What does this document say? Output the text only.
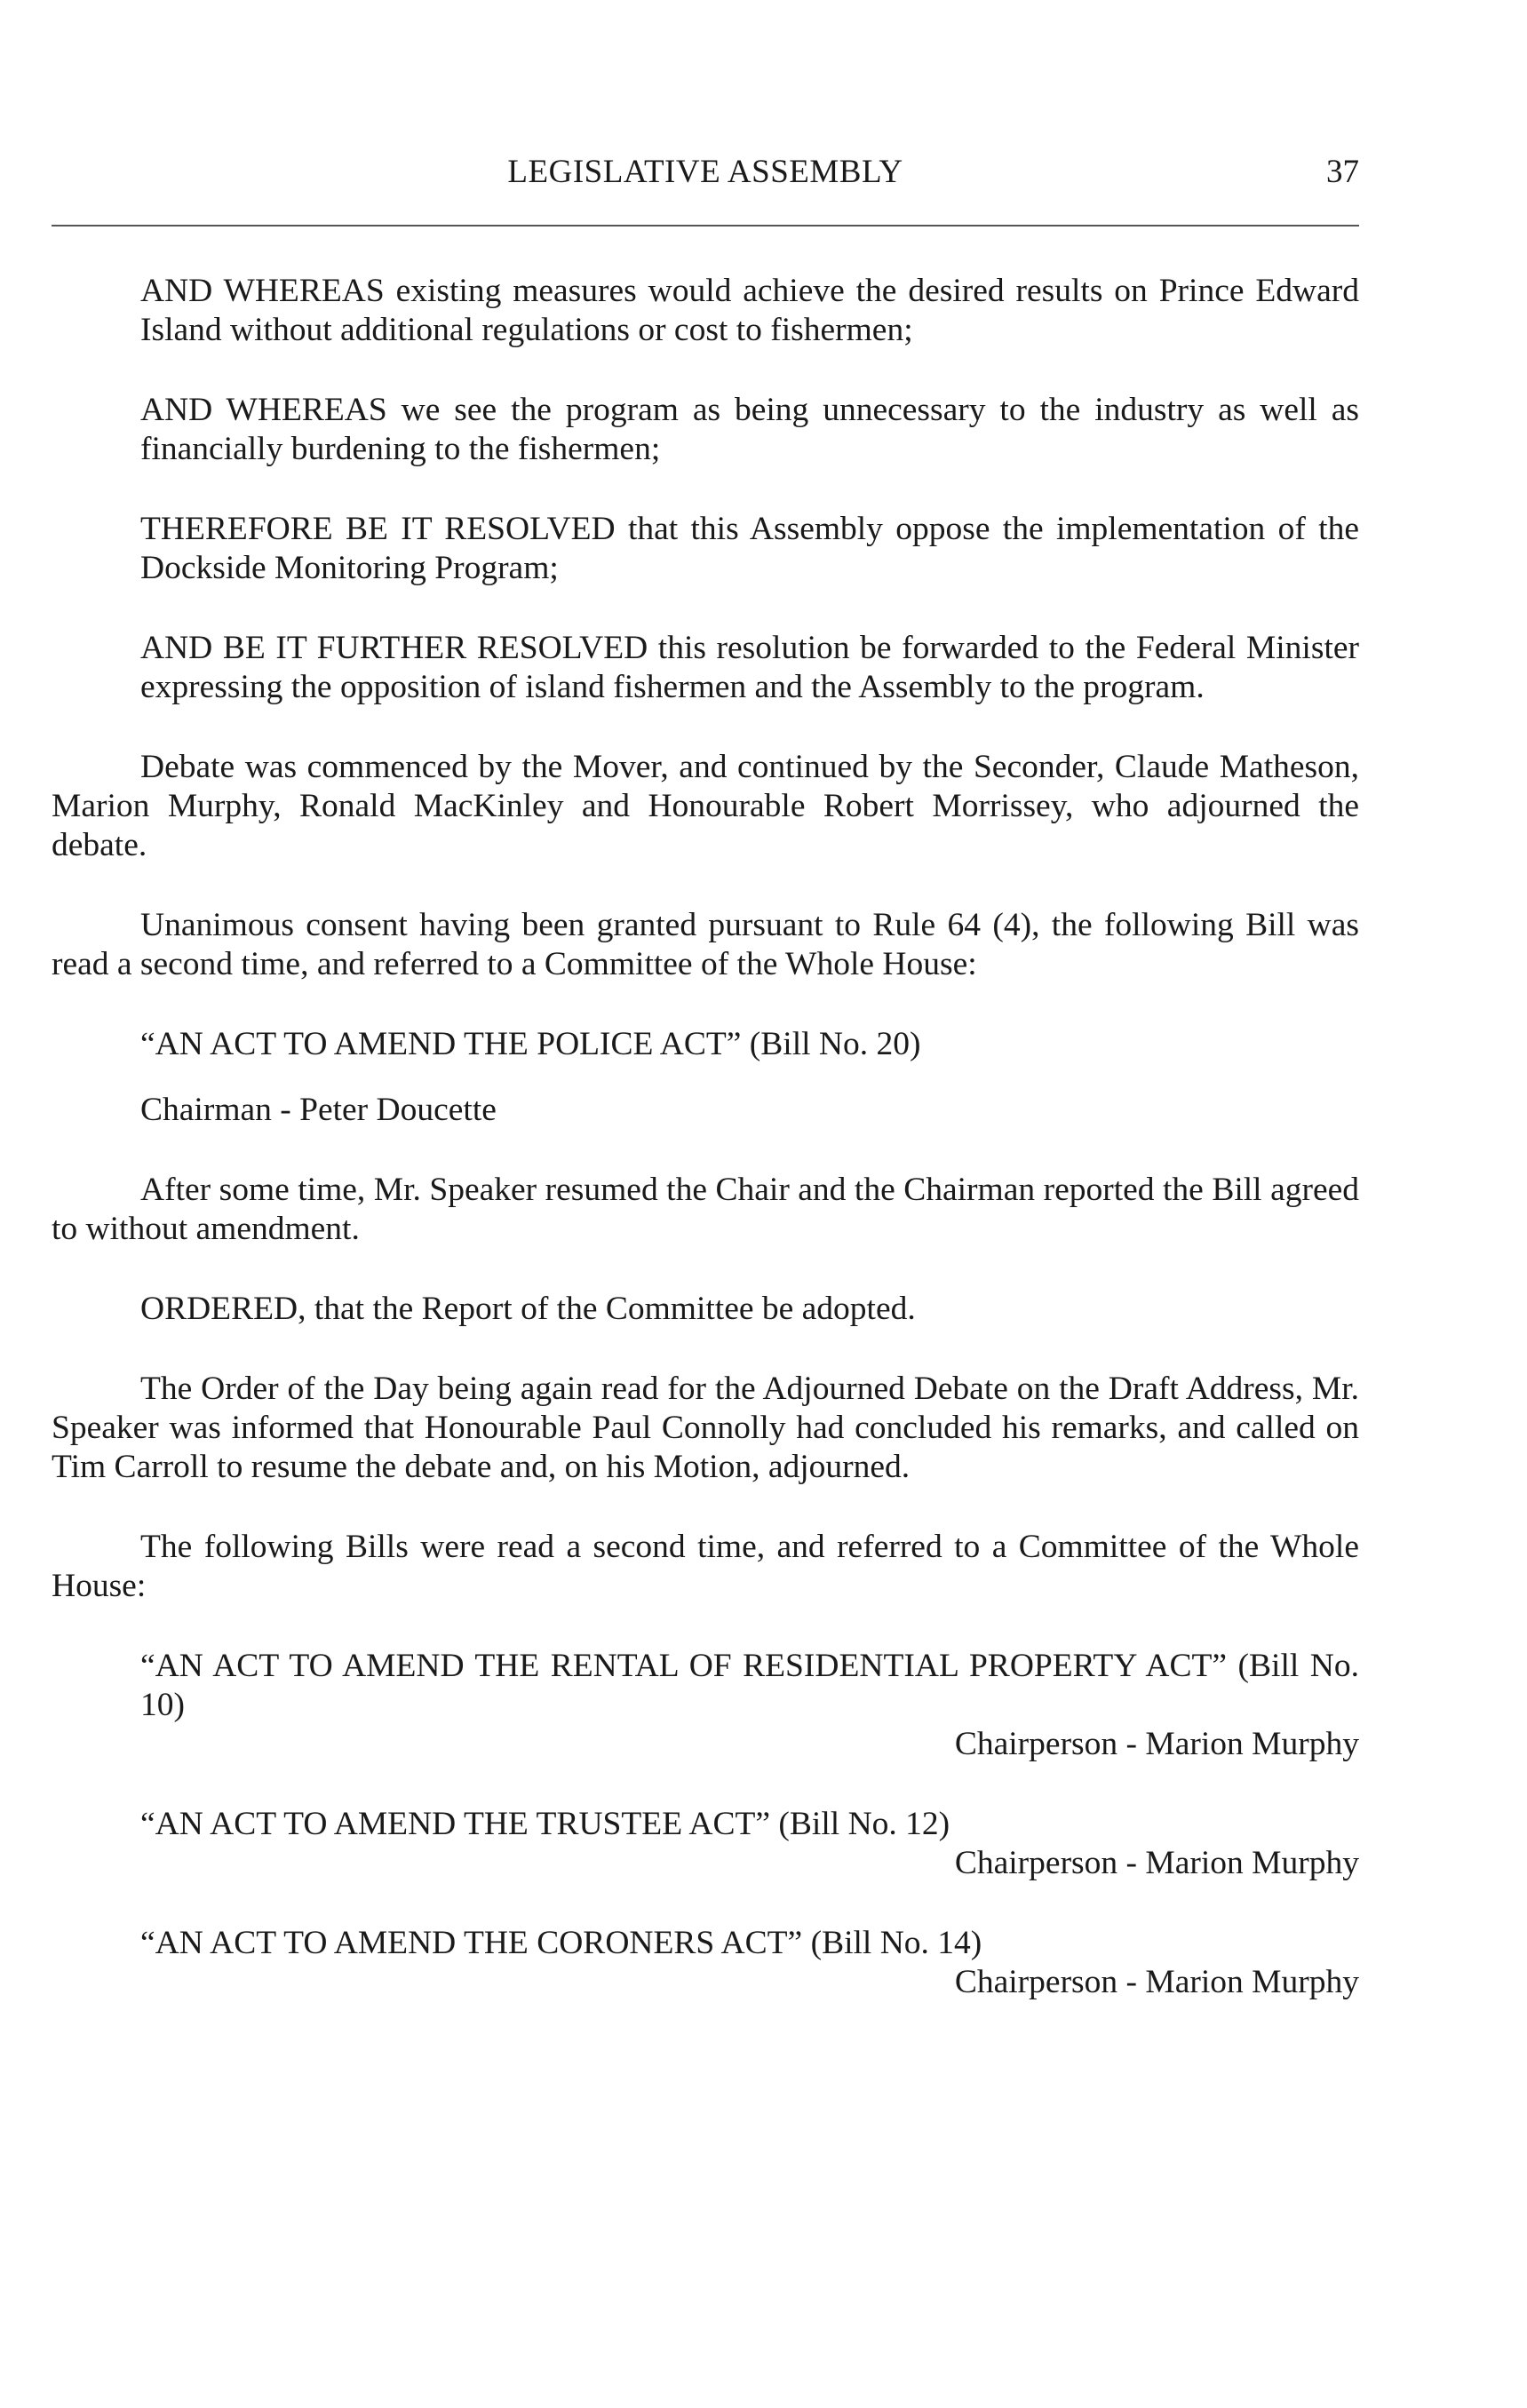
LEGISLATIVE ASSEMBLY	37

AND WHEREAS existing measures would achieve the desired results on Prince Edward Island without additional regulations or cost to fishermen;

AND WHEREAS we see the program as being unnecessary to the industry as well as financially burdening to the fishermen;

THEREFORE BE IT RESOLVED that this Assembly oppose the implementation of the Dockside Monitoring Program;

AND BE IT FURTHER RESOLVED this resolution be forwarded to the Federal Minister expressing the opposition of island fishermen and the Assembly to the program.

Debate was commenced by the Mover, and continued by the Seconder, Claude Matheson, Marion Murphy, Ronald MacKinley and Honourable Robert Morrissey, who adjourned the debate.

Unanimous consent having been granted pursuant to Rule 64 (4), the following Bill was read a second time, and referred to a Committee of the Whole House:

“AN ACT TO AMEND THE POLICE ACT” (Bill No. 20)

Chairman - Peter Doucette

After some time, Mr. Speaker resumed the Chair and the Chairman reported the Bill agreed to without amendment.

ORDERED, that the Report of the Committee be adopted.

The Order of the Day being again read for the Adjourned Debate on the Draft Address, Mr. Speaker was informed that Honourable Paul Connolly had concluded his remarks, and called on Tim Carroll to resume the debate and, on his Motion, adjourned.

The following Bills were read a second time, and referred to a Committee of the Whole House:

“AN ACT TO AMEND THE RENTAL OF RESIDENTIAL PROPERTY ACT” (Bill No. 10)

Chairperson - Marion Murphy

“AN ACT TO AMEND THE TRUSTEE ACT” (Bill No. 12)

Chairperson - Marion Murphy

“AN ACT TO AMEND THE CORONERS ACT” (Bill No. 14)

Chairperson - Marion Murphy
